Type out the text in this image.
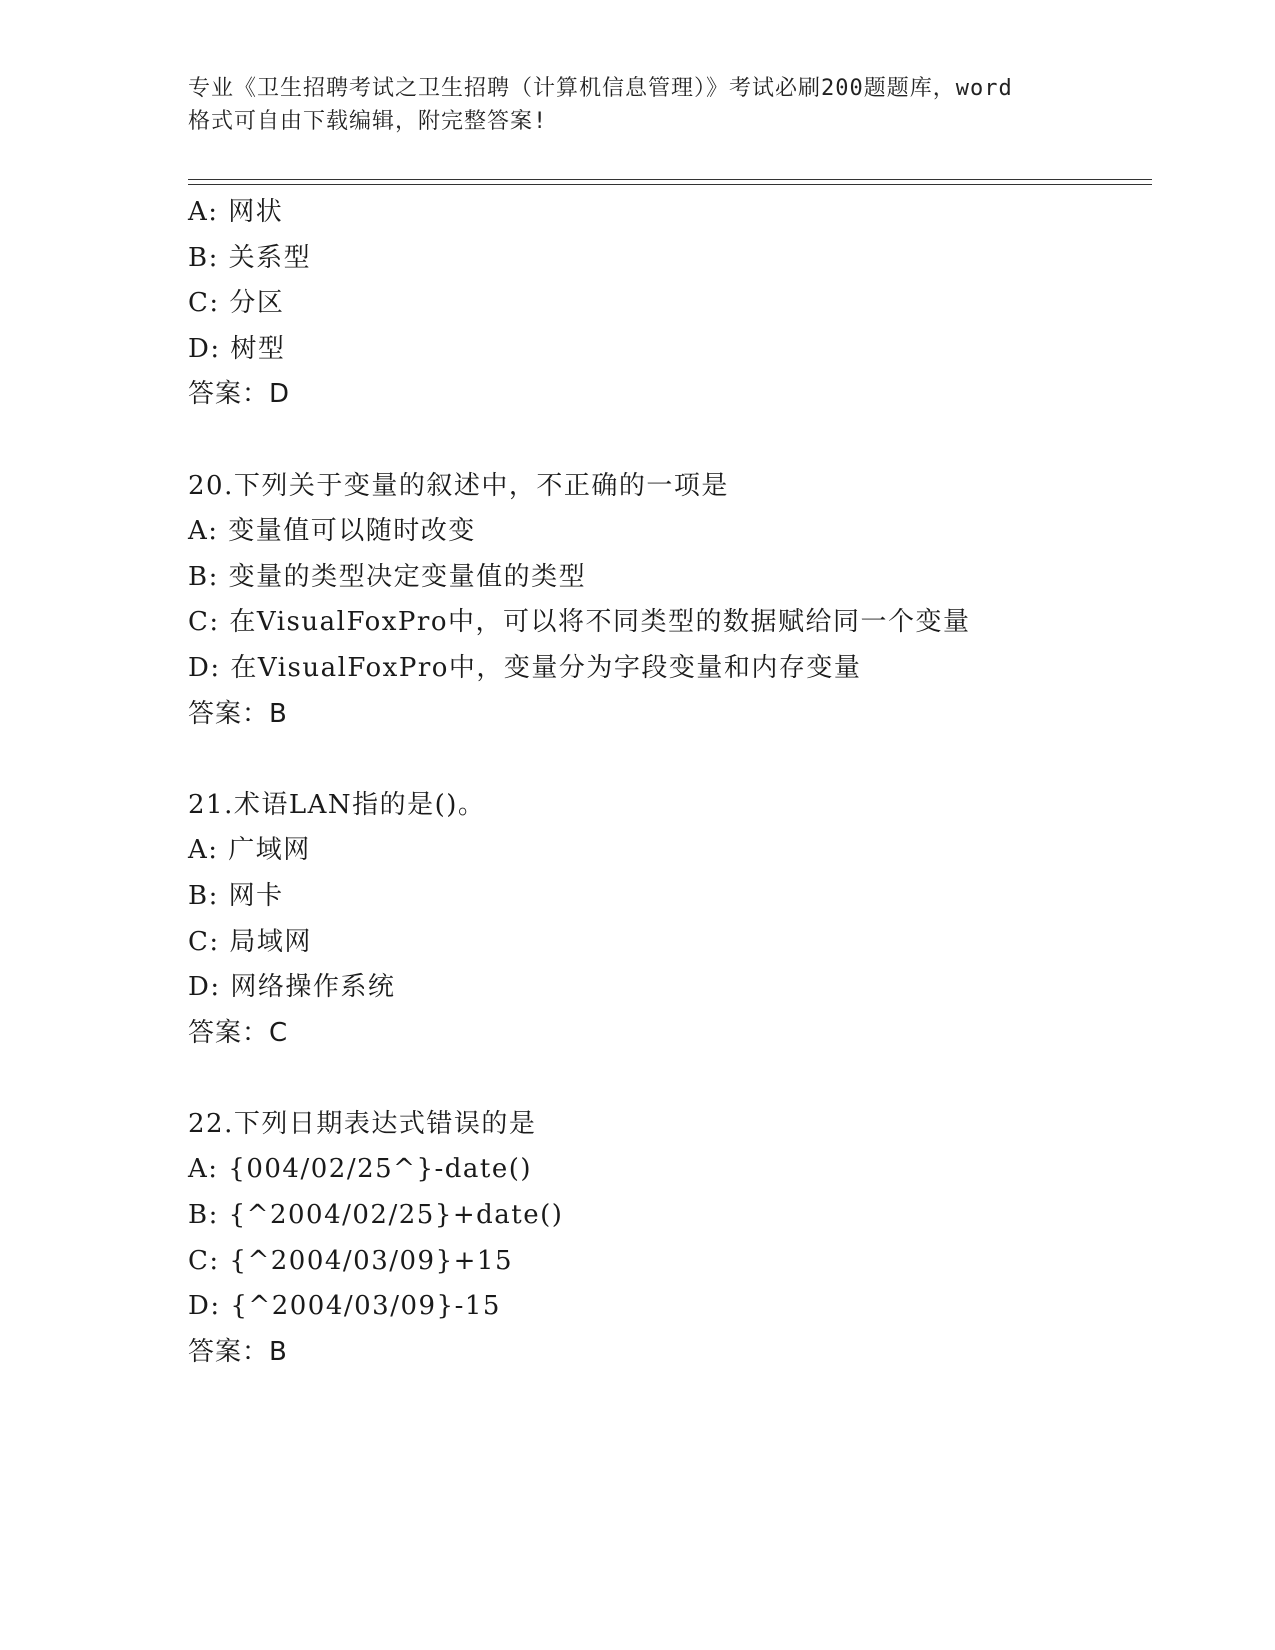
专业《卫生招聘考试之卫生招聘（计算机信息管理）》考试必刷200题题库，word
格式可自由下载编辑，附完整答案!
A: 网状
B: 关系型
C: 分区
D: 树型
答案：D
20.下列关于变量的叙述中，不正确的一项是
A: 变量值可以随时改变
B: 变量的类型决定变量值的类型
C: 在VisualFoxPro中，可以将不同类型的数据赋给同一个变量
D: 在VisualFoxPro中，变量分为字段变量和内存变量
答案：B
21.术语LAN指的是()。
A: 广域网
B: 网卡
C: 局域网
D: 网络操作系统
答案：C
22.下列日期表达式错误的是
A: {004/02/25^}-date()
B: {^2004/02/25}+date()
C: {^2004/03/09}+15
D: {^2004/03/09}-15
答案：B
